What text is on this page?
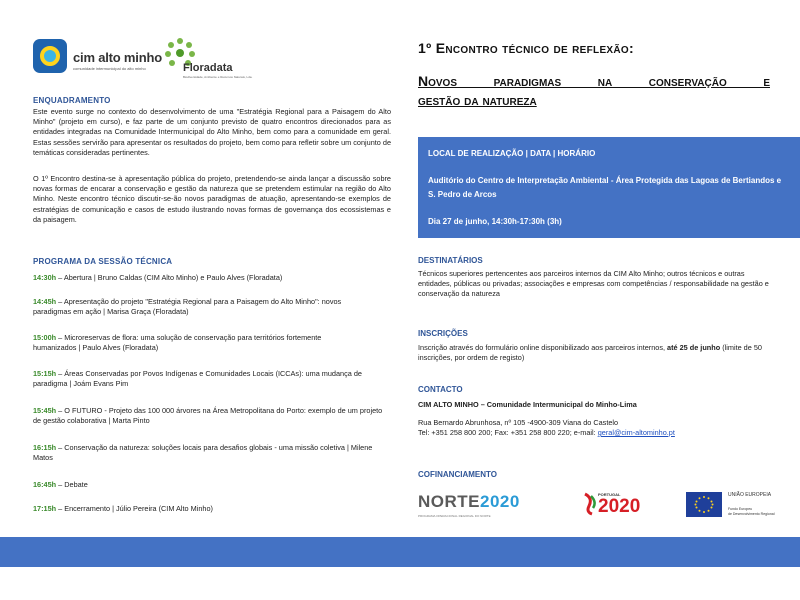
cim alto minho
comunidade intermunicipal do alto minho	Floradata
Biodiversidade, Ambiente e Recursos Naturais, Lda.
ENQUADRAMENTO
Este evento surge no contexto do desenvolvimento de uma "Estratégia Regional para a Paisagem do Alto Minho" (projeto em curso), e faz parte de um conjunto previsto de quatro encontros direcionados para as entidades integradas na Comunidade Intermunicipal do Alto Minho, bem como para a comunidade em geral. Estas sessões servirão para apresentar os resultados do projeto, bem como para refletir sobre um conjunto de temáticas consideradas pertinentes.
O 1º Encontro destina-se à apresentação pública do projeto, pretendendo-se ainda lançar a discussão sobre novas formas de encarar a conservação e gestão da natureza que se pretendem estimular na região do Alto Minho. Neste encontro técnico discutir-se-ão novos paradigmas de atuação, apresentando-se exemplos de estratégias de comunicação e casos de estudo ilustrando novas formas de governança dos ecossistemas e da paisagem.
PROGRAMA DA SESSÃO TÉCNICA
14:30h – Abertura | Bruno Caldas (CIM Alto Minho) e Paulo Alves (Floradata)
14:45h – Apresentação do projeto "Estratégia Regional para a Paisagem do Alto Minho": novos paradigmas em ação | Marisa Graça (Floradata)
15:00h – Microreservas de flora: uma solução de conservação para territórios fortemente humanizados | Paulo Alves (Floradata)
15:15h – Áreas Conservadas por Povos Indígenas e Comunidades Locais (ICCAs): uma mudança de paradigma | Joám Evans Pim
15:45h – O FUTURO - Projeto das 100 000 árvores na Área Metropolitana do Porto: exemplo de um projeto de gestão colaborativa | Marta Pinto
16:15h – Conservação da natureza: soluções locais para desafios globais - uma missão coletiva | Milene Matos
16:45h – Debate
17:15h – Encerramento | Júlio Pereira (CIM Alto Minho)
1º Encontro técnico de reflexão:
Novos paradigmas na conservação e
gestão da natureza
LOCAL DE REALIZAÇÃO | DATA | HORÁRIO
Auditório do Centro de Interpretação Ambiental - Área Protegida das Lagoas de Bertiandos e S. Pedro de Arcos
Dia 27 de junho, 14:30h-17:30h (3h)
DESTINATÁRIOS
Técnicos superiores pertencentes aos parceiros internos da CIM Alto Minho; outros técnicos e outras entidades, públicas ou privadas; associações e empresas com competências / responsabilidade na gestão e conservação da natureza
INSCRIÇÕES
Inscrição através do formulário online disponibilizado aos parceiros internos, até 25 de junho (limite de 50 inscrições, por ordem de registo)
CONTACTO
CIM ALTO MINHO – Comunidade Intermunicipal do Minho-Lima
Rua Bernardo Abrunhosa, nº 105 -4900-309 Viana do Castelo
Tel: +351 258 800 200; Fax: +351 258 800 220; e-mail: geral@cim-altominho.pt
COFINANCIAMENTO
NORTE2020
PROGRAMA OPERACIONAL REGIONAL DO NORTE
PORTUGAL
2020
UNIÃO EUROPEIA
Fundo Europeu
de Desenvolvimento Regional
